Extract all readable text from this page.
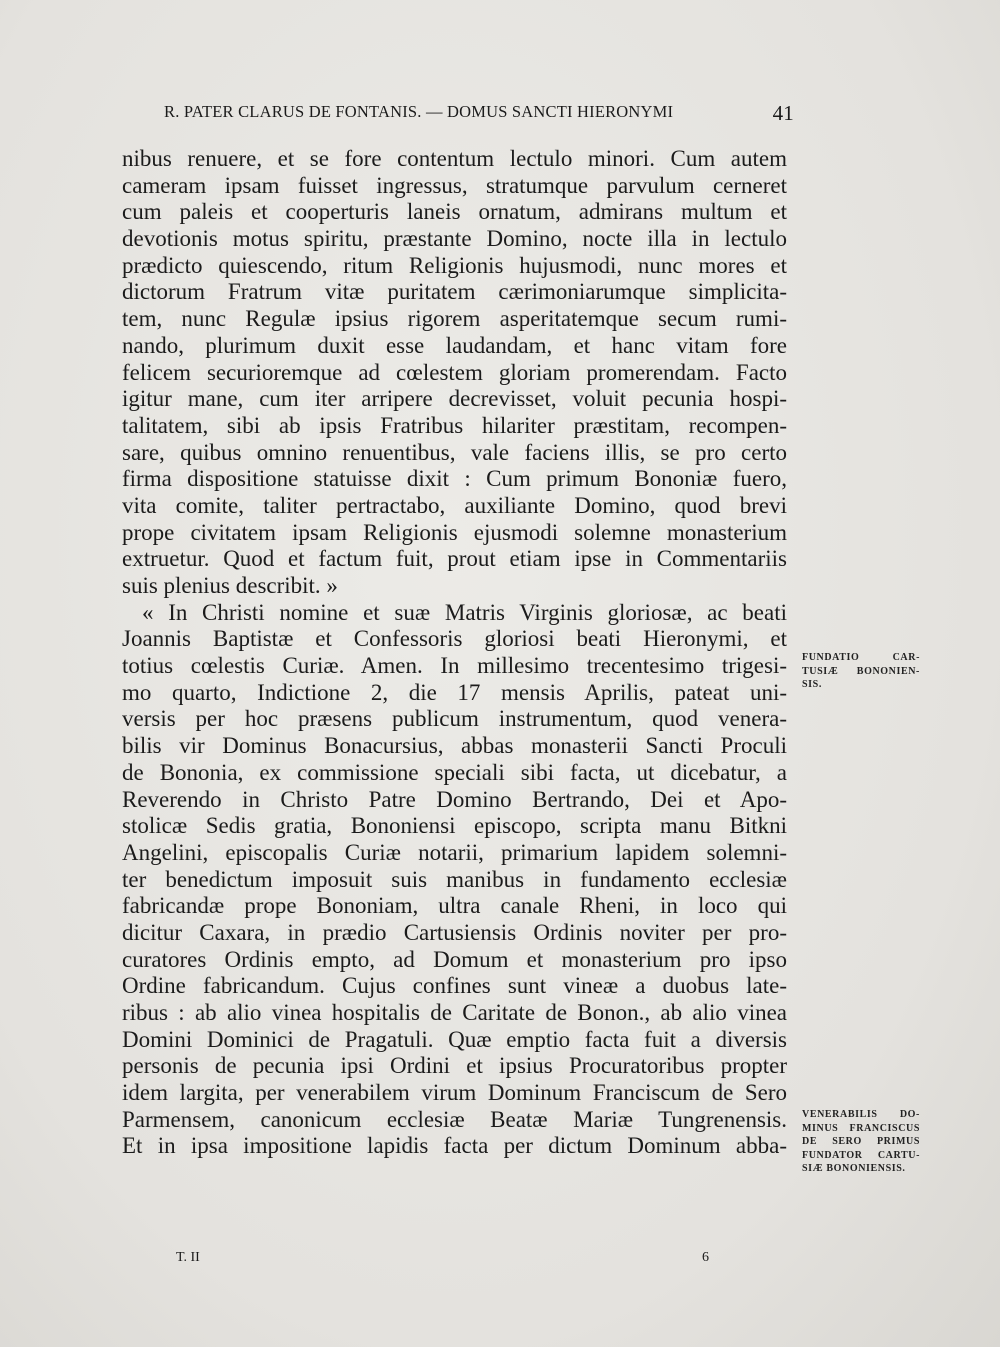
R. PATER CLARUS DE FONTANIS. — DOMUS SANCTI HIERONYMI	41
nibus renuere, et se fore contentum lectulo minori. Cum autem
cameram ipsam fuisset ingressus, stratumque parvulum cerneret
cum paleis et cooperturis laneis ornatum, admirans multum et
devotionis motus spiritu, præstante Domino, nocte illa in lectulo
prædicto quiescendo, ritum Religionis hujusmodi, nunc mores et
dictorum Fratrum vitæ puritatem cærimoniarumque simplicita-
tem, nunc Regulæ ipsius rigorem asperitatemque secum rumi-
nando, plurimum duxit esse laudandam, et hanc vitam fore
felicem securioremque ad cœlestem gloriam promerendam. Facto
igitur mane, cum iter arripere decrevisset, voluit pecunia hospi-
talitatem, sibi ab ipsis Fratribus hilariter præstitam, recompen-
sare, quibus omnino renuentibus, vale faciens illis, se pro certo
firma dispositione statuisse dixit : Cum primum Bononiæ fuero,
vita comite, taliter pertractabo, auxiliante Domino, quod brevi
prope civitatem ipsam Religionis ejusmodi solemne monasterium
extruetur. Quod et factum fuit, prout etiam ipse in Commentariis
suis plenius describit. »
« In Christi nomine et suæ Matris Virginis gloriosæ, ac beati
Joannis Baptistæ et Confessoris gloriosi beati Hieronymi, et
totius cœlestis Curiæ. Amen. In millesimo trecentesimo trigesi-
mo quarto, Indictione 2, die 17 mensis Aprilis, pateat uni-
versis per hoc præsens publicum instrumentum, quod venera-
bilis vir Dominus Bonacursius, abbas monasterii Sancti Proculi
de Bononia, ex commissione speciali sibi facta, ut dicebatur, a
Reverendo in Christo Patre Domino Bertrando, Dei et Apo-
stolicæ Sedis gratia, Bononiensi episcopo, scripta manu Bitkni
Angelini, episcopalis Curiæ notarii, primarium lapidem solemni-
ter benedictum imposuit suis manibus in fundamento ecclesiæ
fabricandæ prope Bononiam, ultra canale Rheni, in loco qui
dicitur Caxara, in prædio Cartusiensis Ordinis noviter per pro-
curatores Ordinis empto, ad Domum et monasterium pro ipso
Ordine fabricandum. Cujus confines sunt vineæ a duobus late-
ribus : ab alio vinea hospitalis de Caritate de Bonon., ab alio vinea
Domini Dominici de Pragatuli. Quæ emptio facta fuit a diversis
personis de pecunia ipsi Ordini et ipsius Procuratoribus propter
idem largita, per venerabilem virum Dominum Franciscum de Sero
Parmensem, canonicum ecclesiæ Beatæ Mariæ Tungrenensis.
Et in ipsa impositione lapidis facta per dictum Dominum abba-
FUNDATIO CAR-
TUSIÆ BONONIEN-
SIS.
VENERABILIS DO-
MINUS FRANCISCUS
DE SERO PRIMUS
FUNDATOR CARTU-
SIÆ BONONIENSIS.
T. II	6
